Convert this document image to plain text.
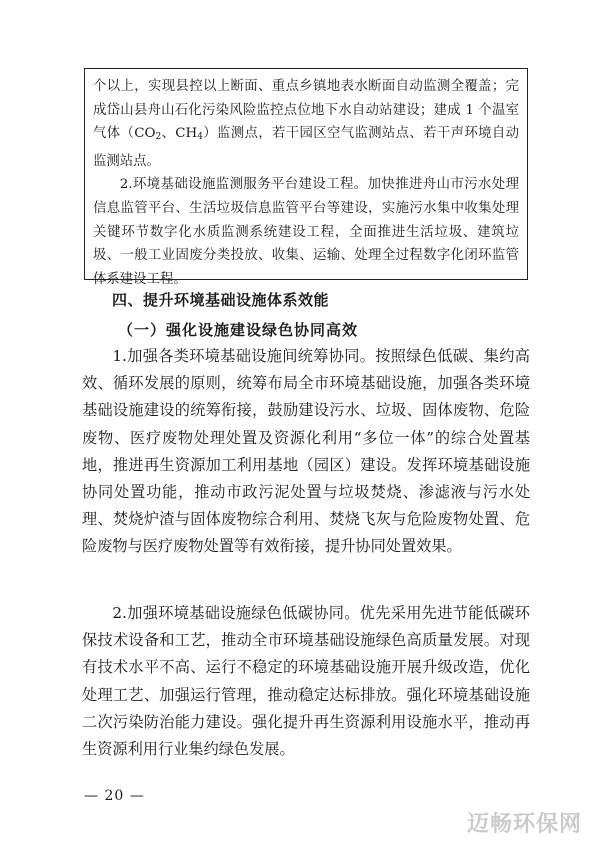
个以上，实现县控以上断面、重点乡镇地表水断面自动监测全覆盖；完成岱山县舟山石化污染风险监控点位地下水自动站建设；建成 1 个温室气体（$CO_2$、$CH_4$）监测点，若干园区空气监测站点、若干声环境自动监测站点。

2.环境基础设施监测服务平台建设工程。加快推进舟山市污水处理信息监管平台、生活垃圾信息监管平台等建设，实施污水集中收集处理关键环节数字化水质监测系统建设工程，全面推进生活垃圾、建筑垃圾、一般工业固废分类投放、收集、运输、处理全过程数字化闭环监管体系建设工程。

四、提升环境基础设施体系效能
（一）强化设施建设绿色协同高效

1.加强各类环境基础设施间统筹协同。按照绿色低碳、集约高效、循环发展的原则，统筹布局全市环境基础设施，加强各类环境基础设施建设的统筹衔接，鼓励建设污水、垃圾、固体废物、危险废物、医疗废物处理处置及资源化利用“多位一体”的综合处置基地，推进再生资源加工利用基地（园区）建设。发挥环境基础设施协同处置功能，推动市政污泥处置与垃圾焚烧、渗滤液与污水处理、焚烧炉渣与固体废物综合利用、焚烧飞灰与危险废物处置、危险废物与医疗废物处置等有效衔接，提升协同处置效果。

2.加强环境基础设施绿色低碳协同。优先采用先进节能低碳环保技术设备和工艺，推动全市环境基础设施绿色高质量发展。对现有技术水平不高、运行不稳定的环境基础设施开展升级改造，优化处理工艺、加强运行管理，推动稳定达标排放。强化环境基础设施二次污染防治能力建设。强化提升再生资源利用设施水平，推动再生资源利用行业集约绿色发展。

— 20 —
迈畅环保网
